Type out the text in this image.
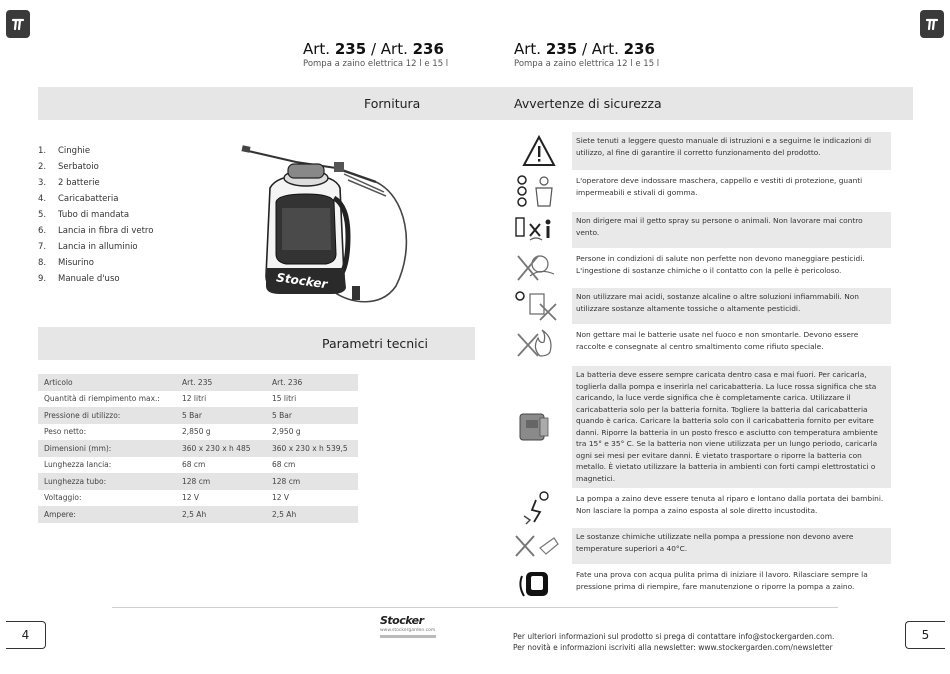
Art. 235 / Art. 236
Pompa a zaino elettrica 12 l e 15 l
Art. 235 / Art. 236
Pompa a zaino elettrica 12 l e 15 l
Fornitura	Avvertenze di sicurezza
Parametri tecnici
1. Cinghie
2. Serbatoio
3. 2 batterie
4. Caricabatteria
5. Tubo di mandata
6. Lancia in fibra di vetro
7. Lancia in alluminio
8. Misurino
9. Manuale d'uso	Stocker
Articolo	Art. 235	Art. 236
Quantità di riempimento max.:	12 litri	15 litri
Pressione di utilizzo:	5 Bar	5 Bar
Peso netto:	2,850 g	2,950 g
Dimensioni (mm):	360 x 230 x h 485	360 x 230 x h 539,5
Lunghezza lancia:	68 cm	68 cm
Lunghezza tubo:	128 cm	128 cm
Voltaggio:	12 V	12 V
Ampere:	2,5 Ah	2,5 Ah
Siete tenuti a leggere questo manuale di istruzioni e a seguirne le indicazioni di utilizzo, al fine di garantire il corretto funzionamento del prodotto.
L'operatore deve indossare maschera, cappello e vestiti di protezione, guanti impermeabili e stivali di gomma.
Non dirigere mai il getto spray su persone o animali. Non lavorare mai contro vento.
Persone in condizioni di salute non perfette non devono maneggiare pesticidi. L'ingestione di sostanze chimiche o il contatto con la pelle è pericoloso.
Non utilizzare mai acidi, sostanze alcaline o altre soluzioni infiammabili. Non utilizzare sostanze altamente tossiche o altamente pesticidi.
Non gettare mai le batterie usate nel fuoco e non smontarle. Devono essere raccolte e consegnate al centro smaltimento come rifiuto speciale.
La batteria deve essere sempre caricata dentro casa e mai fuori. Per caricarla, toglierla dalla pompa e inserirla nel caricabatteria. La luce rossa significa che sta caricando, la luce verde significa che è completamente carica. Utilizzare il caricabatteria solo per la batteria fornita. Togliere la batteria dal caricabatteria quando è carica. Caricare la batteria solo con il caricabatteria fornito per evitare danni. Riporre la batteria in un posto fresco e asciutto con temperatura ambiente tra 15° e 35° C. Se la batteria non viene utilizzata per un lungo periodo, caricarla ogni sei mesi per evitare danni. È vietato trasportare o riporre la batteria con metallo. È vietato utilizzare la batteria in ambienti con forti campi elettrostatici o magnetici.
La pompa a zaino deve essere tenuta al riparo e lontano dalla portata dei bambini. Non lasciare la pompa a zaino esposta al sole diretto incustodita.
Le sostanze chimiche utilizzate nella pompa a pressione non devono avere temperature superiori a 40°C.
Fate una prova con acqua pulita prima di iniziare il lavoro. Rilasciare sempre la pressione prima di riempire, fare manutenzione o riporre la pompa a zaino.
4	5
Stocker
www.stockergarden.com
Per ulteriori informazioni sul prodotto si prega di contattare info@stockergarden.com.
Per novità e informazioni iscriviti alla newsletter: www.stockergarden.com/newsletter
